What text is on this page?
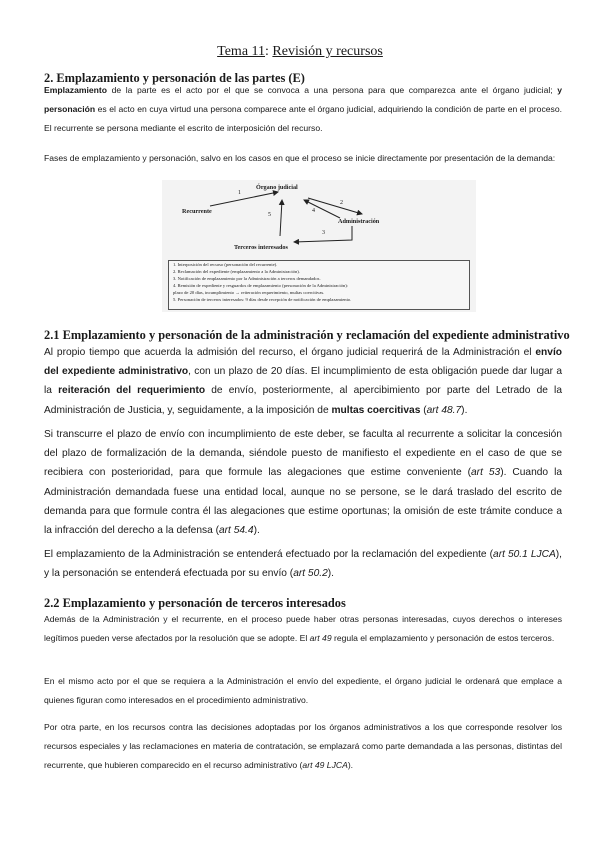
Tema 11: Revisión y recursos
2. Emplazamiento y personación de las partes (E)
Emplazamiento de la parte es el acto por el que se convoca a una persona para que comparezca ante el órgano judicial; y personación es el acto en cuya virtud una persona comparece ante el órgano judicial, adquiriendo la condición de parte en el proceso. El recurrente se persona mediante el escrito de interposición del recurso.
Fases de emplazamiento y personación, salvo en los casos en que el proceso se inicie directamente por presentación de la demanda:
Órgano judicial
Recurrente
Administración
Terceros interesados
1
2
3
4
5
1. Interposición del recurso (personación del recurrente).
2. Reclamación del expediente (emplazamiento a la Administración).
3. Notificación de emplazamiento por la Administración a terceros demandados.
4. Remisión de expediente y resguardos de emplazamiento (personación de la Administración):
plazo de 20 días, incumplimiento → reiteración requerimiento, multas coercitivas.
5. Personación de terceros interesados: 9 días desde recepción de notificación de emplazamiento.
2.1 Emplazamiento y personación de la administración y reclamación del expediente administrativo
Al propio tiempo que acuerda la admisión del recurso, el órgano judicial requerirá de la Administración el envío del expediente administrativo, con un plazo de 20 días. El incumplimiento de esta obligación puede dar lugar a la reiteración del requerimiento de envío, posteriormente, al apercibimiento por parte del Letrado de la Administración de Justicia, y, seguidamente, a la imposición de multas coercitivas (art 48.7).
Si transcurre el plazo de envío con incumplimiento de este deber, se faculta al recurrente a solicitar la concesión del plazo de formalización de la demanda, siéndole puesto de manifiesto el expediente en el caso de que se recibiera con posterioridad, para que formule las alegaciones que estime conveniente (art 53). Cuando la Administración demandada fuese una entidad local, aunque no se persone, se le dará traslado del escrito de demanda para que formule contra él las alegaciones que estime oportunas; la omisión de este trámite conduce a la infracción del derecho a la defensa (art 54.4).
El emplazamiento de la Administración se entenderá efectuado por la reclamación del expediente (art 50.1 LJCA), y la personación se entenderá efectuada por su envío (art 50.2).
2.2 Emplazamiento y personación de terceros interesados
Además de la Administración y el recurrente, en el proceso puede haber otras personas interesadas, cuyos derechos o intereses legítimos pueden verse afectados por la resolución que se adopte. El art 49 regula el emplazamiento y personación de estos terceros.
En el mismo acto por el que se requiera a la Administración el envío del expediente, el órgano judicial le ordenará que emplace a quienes figuran como interesados en el procedimiento administrativo.
Por otra parte, en los recursos contra las decisiones adoptadas por los órganos administrativos a los que corresponde resolver los recursos especiales y las reclamaciones en materia de contratación, se emplazará como parte demandada a las personas, distintas del recurrente, que hubieren comparecido en el recurso administrativo (art 49 LJCA).
